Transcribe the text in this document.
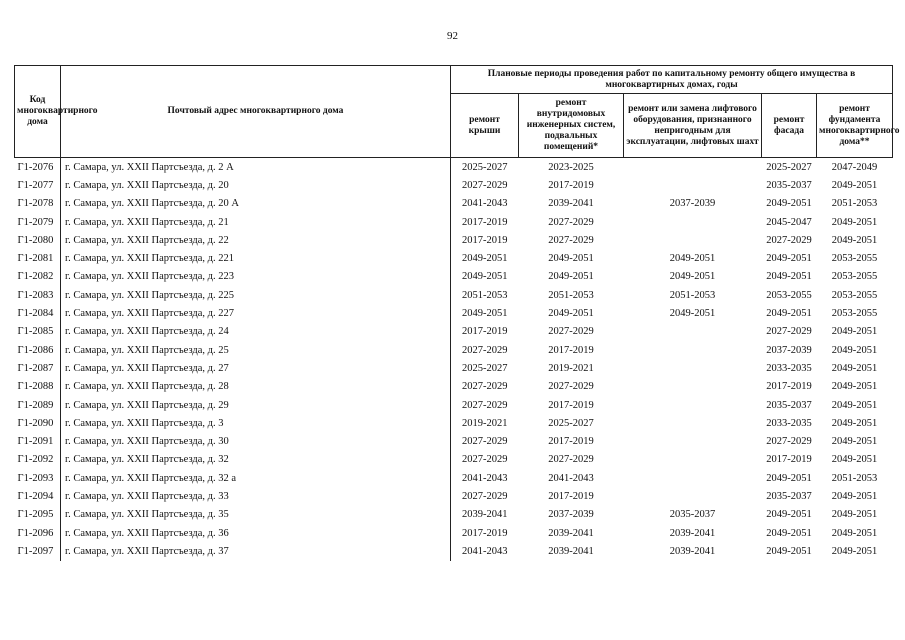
92
Код многоквартирного дома	Почтовый адрес многоквартирного дома	Плановые периоды проведения работ по капитальному ремонту общего имущества в многоквартирных домах, годы				
		ремонт крыши	ремонт внутридомовых инженерных систем, подвальных помещений*	ремонт или замена лифтового оборудования, признанного непригодным для эксплуатации, лифтовых шахт	ремонт фасада	ремонт фундамента многоквартирного дома**
Г1-2076	г. Самара, ул. XXII Партсъезда, д. 2 А	2025-2027	2023-2025		2025-2027	2047-2049
Г1-2077	г. Самара, ул. XXII Партсъезда, д. 20	2027-2029	2017-2019		2035-2037	2049-2051
Г1-2078	г. Самара, ул. XXII Партсъезда, д. 20 А	2041-2043	2039-2041	2037-2039	2049-2051	2051-2053
Г1-2079	г. Самара, ул. XXII Партсъезда, д. 21	2017-2019	2027-2029		2045-2047	2049-2051
Г1-2080	г. Самара, ул. XXII Партсъезда, д. 22	2017-2019	2027-2029		2027-2029	2049-2051
Г1-2081	г. Самара, ул. XXII Партсъезда, д. 221	2049-2051	2049-2051	2049-2051	2049-2051	2053-2055
Г1-2082	г. Самара, ул. XXII Партсъезда, д. 223	2049-2051	2049-2051	2049-2051	2049-2051	2053-2055
Г1-2083	г. Самара, ул. XXII Партсъезда, д. 225	2051-2053	2051-2053	2051-2053	2053-2055	2053-2055
Г1-2084	г. Самара, ул. XXII Партсъезда, д. 227	2049-2051	2049-2051	2049-2051	2049-2051	2053-2055
Г1-2085	г. Самара, ул. XXII Партсъезда, д. 24	2017-2019	2027-2029		2027-2029	2049-2051
Г1-2086	г. Самара, ул. XXII Партсъезда, д. 25	2027-2029	2017-2019		2037-2039	2049-2051
Г1-2087	г. Самара, ул. XXII Партсъезда, д. 27	2025-2027	2019-2021		2033-2035	2049-2051
Г1-2088	г. Самара, ул. XXII Партсъезда, д. 28	2027-2029	2027-2029		2017-2019	2049-2051
Г1-2089	г. Самара, ул. XXII Партсъезда, д. 29	2027-2029	2017-2019		2035-2037	2049-2051
Г1-2090	г. Самара, ул. XXII Партсъезда, д. 3	2019-2021	2025-2027		2033-2035	2049-2051
Г1-2091	г. Самара, ул. XXII Партсъезда, д. 30	2027-2029	2017-2019		2027-2029	2049-2051
Г1-2092	г. Самара, ул. XXII Партсъезда, д. 32	2027-2029	2027-2029		2017-2019	2049-2051
Г1-2093	г. Самара, ул. XXII Партсъезда, д. 32 а	2041-2043	2041-2043		2049-2051	2051-2053
Г1-2094	г. Самара, ул. XXII Партсъезда, д. 33	2027-2029	2017-2019		2035-2037	2049-2051
Г1-2095	г. Самара, ул. XXII Партсъезда, д. 35	2039-2041	2037-2039	2035-2037	2049-2051	2049-2051
Г1-2096	г. Самара, ул. XXII Партсъезда, д. 36	2017-2019	2039-2041	2039-2041	2049-2051	2049-2051
Г1-2097	г. Самара, ул. XXII Партсъезда, д. 37	2041-2043	2039-2041	2039-2041	2049-2051	2049-2051
